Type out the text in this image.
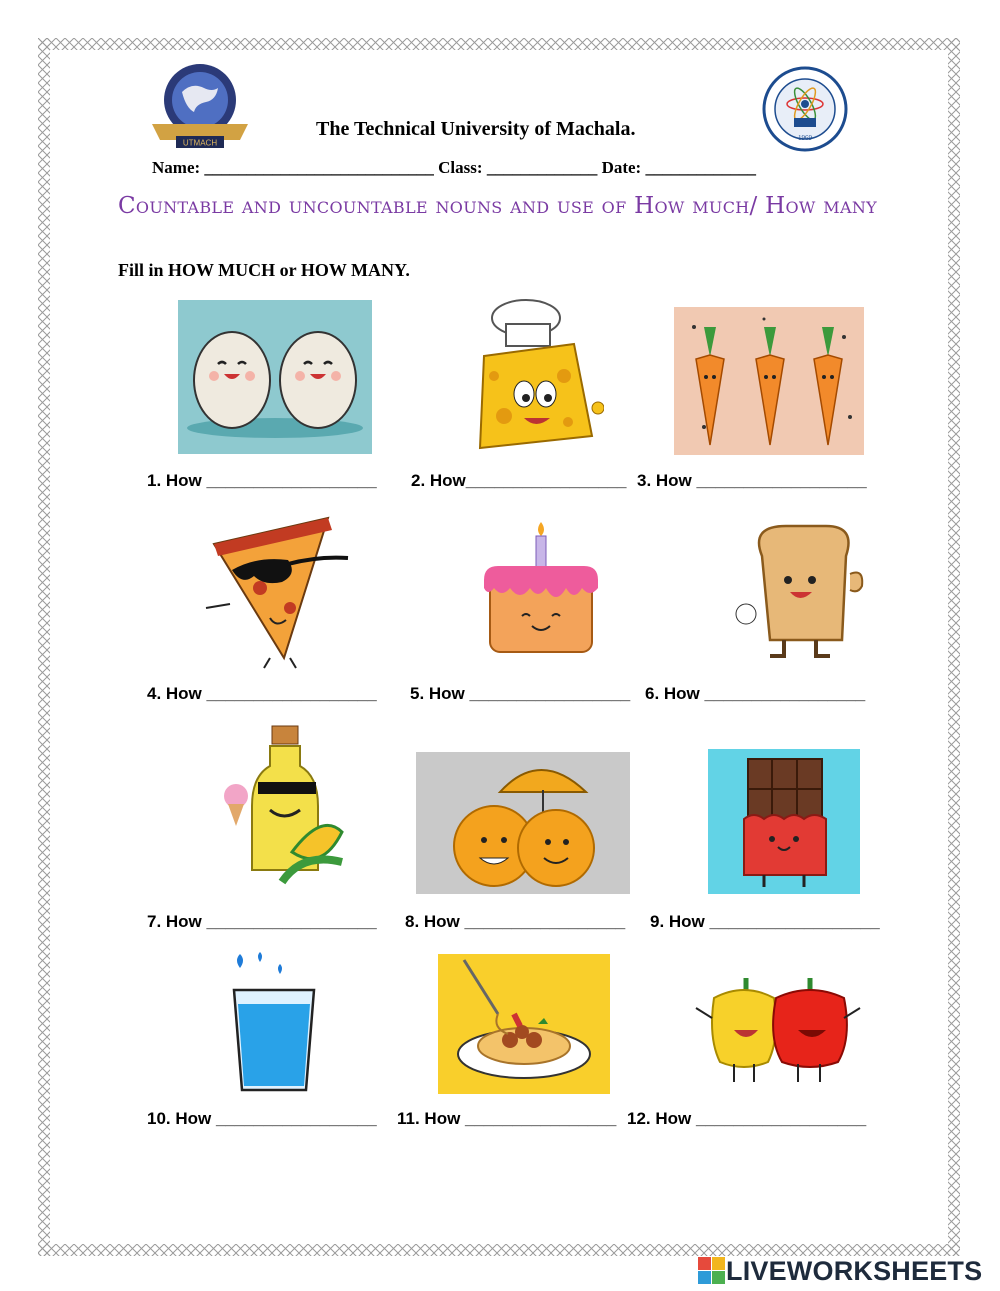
UTMACH
1969
The Technical University of Machala.
Name: ___________________________ Class: _____________ Date: _____________
Countable and uncountable nouns and use of How much/ How many
Fill in HOW MUCH or HOW MANY.
1. How __________________ 2. How_________________ 3. How __________________
4. How __________________ 5. How _________________ 6. How _________________
7. How __________________ 8. How _________________ 9. How __________________
10. How _________________ 11. How ________________ 12. How __________________
LIVEWORKSHEETS
